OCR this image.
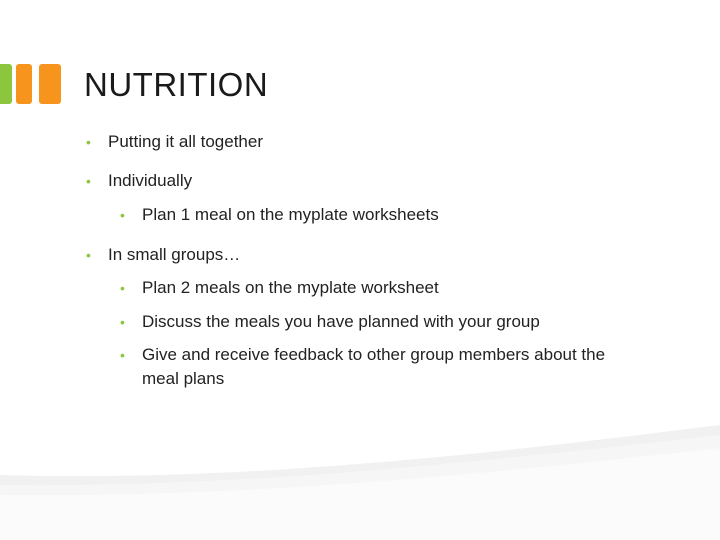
NUTRITION
• Putting it all together
• Individually
• Plan 1 meal on the myplate worksheets
• In small groups…
• Plan 2 meals on the myplate worksheet
• Discuss the meals you have planned with your group
• Give and receive feedback to other group members about the meal plans
